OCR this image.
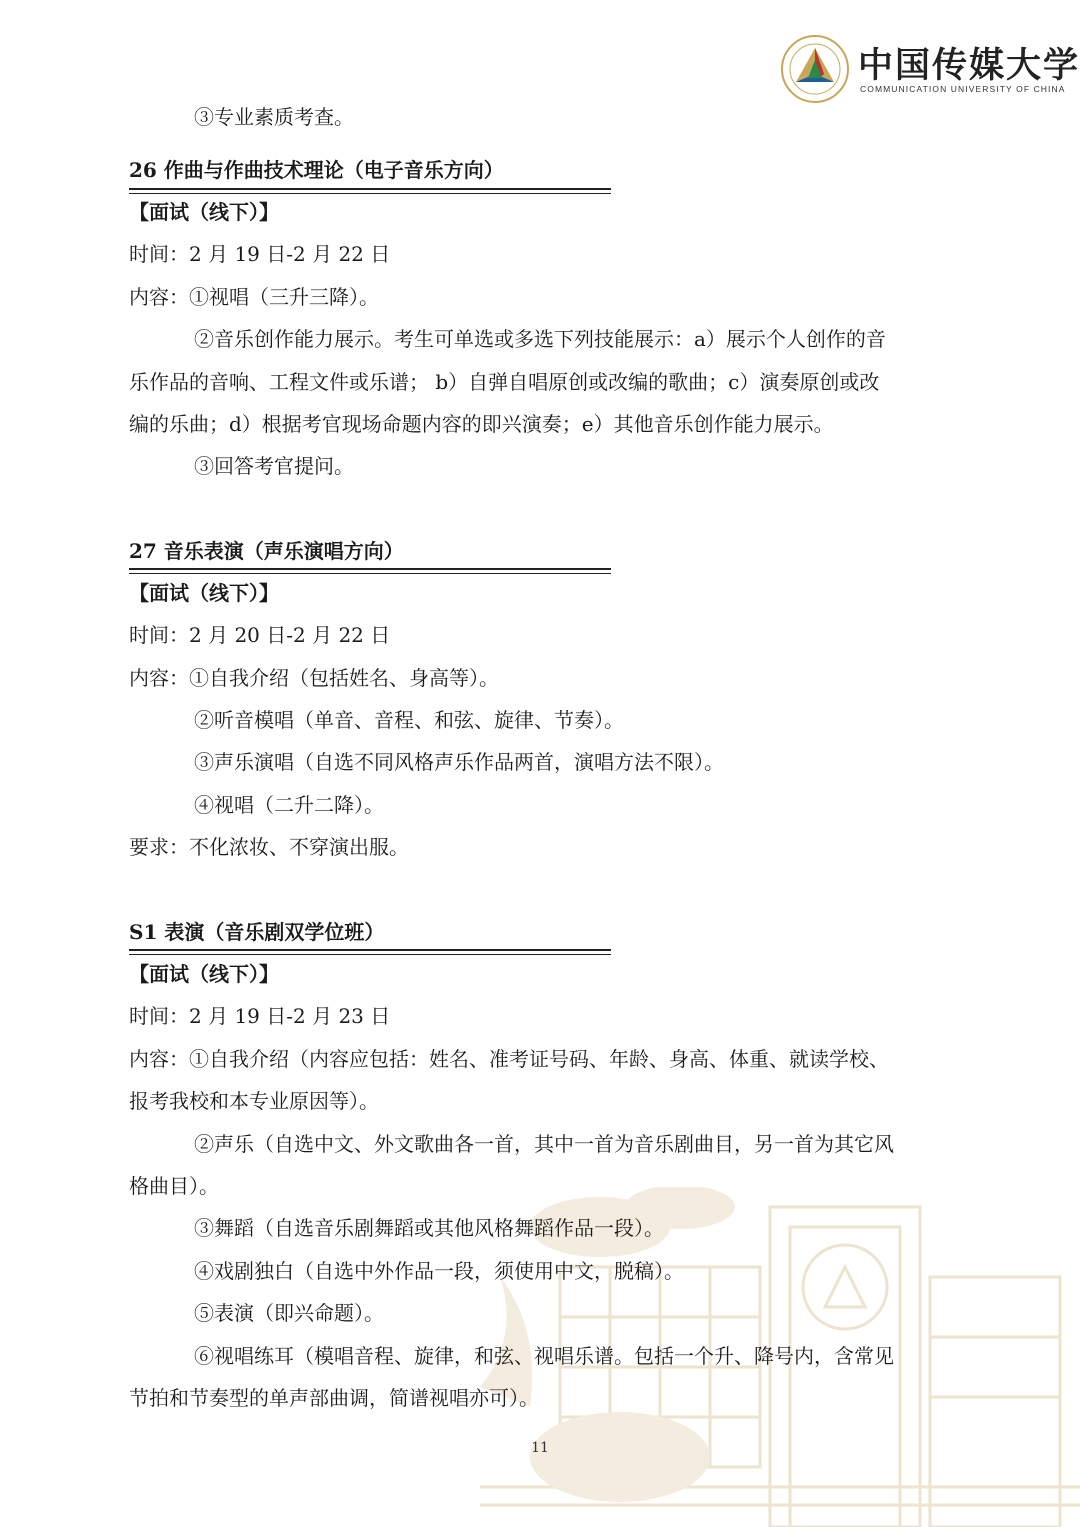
中国传媒大学
COMMUNICATION UNIVERSITY OF CHINA

③专业素质考查。

26 作曲与作曲技术理论（电子音乐方向）

【面试（线下）】

时间：2 月 19 日-2 月 22 日

内容：①视唱（三升三降）。

②音乐创作能力展示。考生可单选或多选下列技能展示：a）展示个人创作的音

乐作品的音响、工程文件或乐谱； b）自弹自唱原创或改编的歌曲；c）演奏原创或改

编的乐曲；d）根据考官现场命题内容的即兴演奏；e）其他音乐创作能力展示。

③回答考官提问。

27 音乐表演（声乐演唱方向）

【面试（线下）】

时间：2 月 20 日-2 月 22 日

内容：①自我介绍（包括姓名、身高等）。

②听音模唱（单音、音程、和弦、旋律、节奏）。

③声乐演唱（自选不同风格声乐作品两首，演唱方法不限）。

④视唱（二升二降）。

要求：不化浓妆、不穿演出服。

S1 表演（音乐剧双学位班）

【面试（线下）】

时间：2 月 19 日-2 月 23 日

内容：①自我介绍（内容应包括：姓名、准考证号码、年龄、身高、体重、就读学校、

报考我校和本专业原因等）。

②声乐（自选中文、外文歌曲各一首，其中一首为音乐剧曲目，另一首为其它风

格曲目）。

③舞蹈（自选音乐剧舞蹈或其他风格舞蹈作品一段）。

④戏剧独白（自选中外作品一段，须使用中文，脱稿）。

⑤表演（即兴命题）。

⑥视唱练耳（模唱音程、旋律，和弦、视唱乐谱。包括一个升、降号内，含常见

节拍和节奏型的单声部曲调，简谱视唱亦可）。

11
